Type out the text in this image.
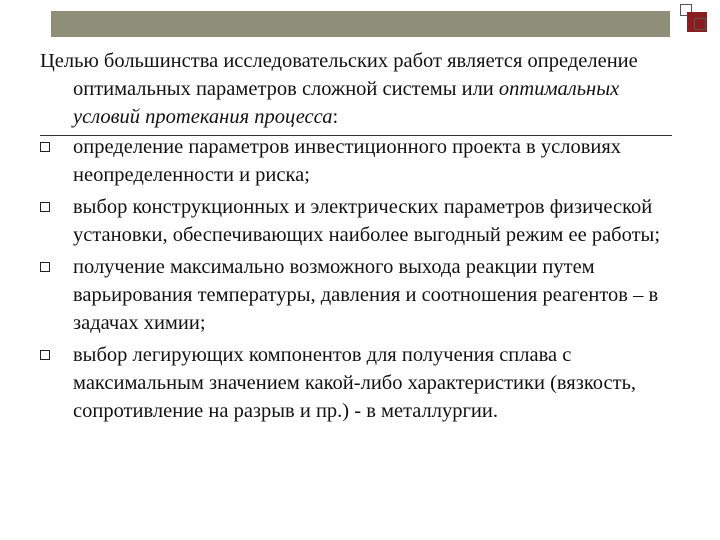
Целью большинства исследовательских работ является определение оптимальных параметров сложной системы или оптимальных условий протекания процесса:

определение параметров инвестиционного проекта в условиях неопределенности и риска;
выбор конструкционных и электрических параметров физической установки, обеспечивающих наиболее выгодный режим ее работы;
получение максимально возможного выхода реакции путем варьирования температуры, давления и соотношения реагентов – в задачах химии;
выбор легирующих компонентов для получения сплава с максимальным значением какой-либо характеристики (вязкость, сопротивление на разрыв и пр.) - в металлургии.
